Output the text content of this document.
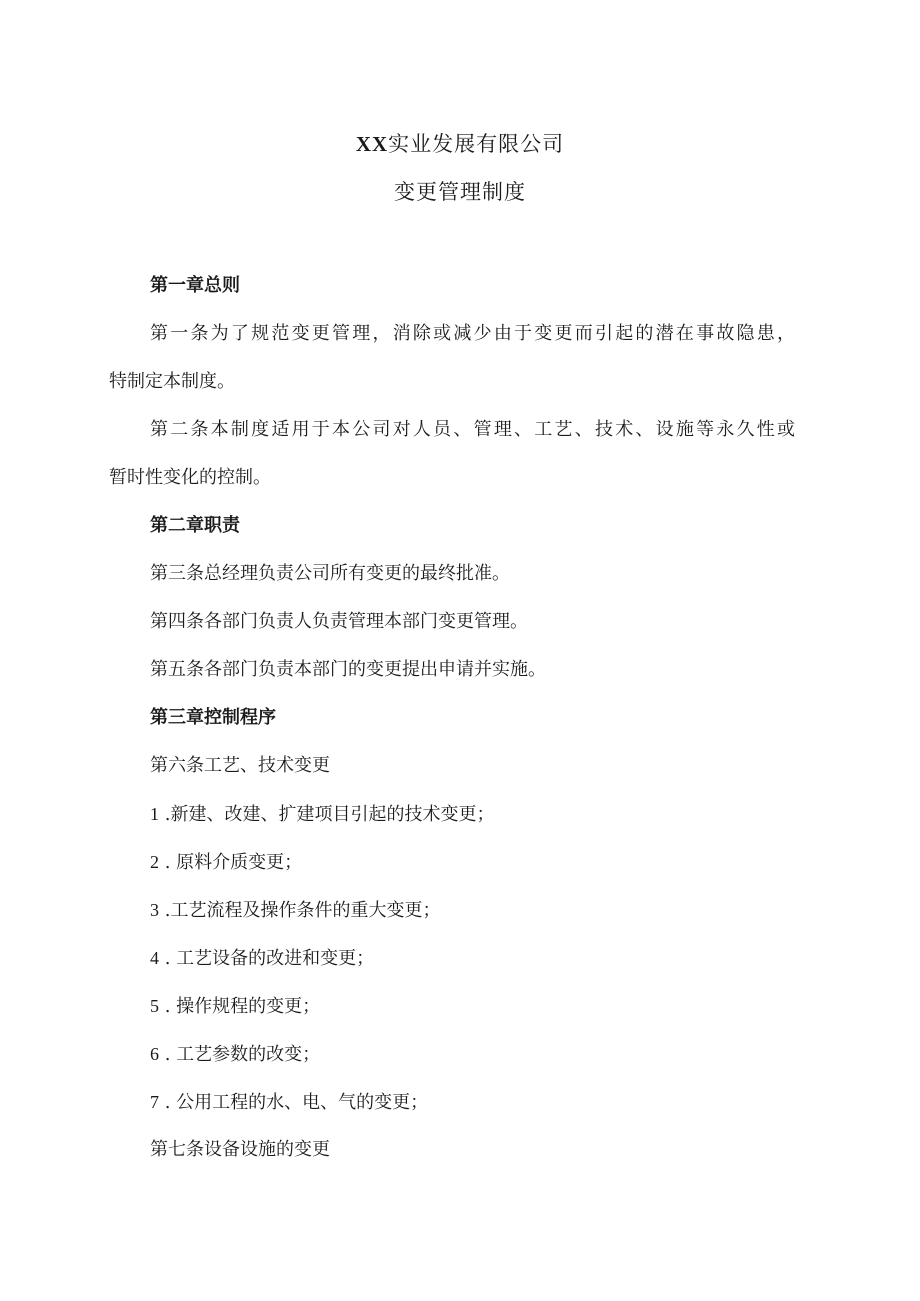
XX实业发展有限公司
变更管理制度
第一章总则
第一条为了规范变更管理，消除或减少由于变更而引起的潜在事故隐患，
特制定本制度。
第二条本制度适用于本公司对人员、管理、工艺、技术、设施等永久性或
暂时性变化的控制。
第二章职责
第三条总经理负责公司所有变更的最终批准。
第四条各部门负责人负责管理本部门变更管理。
第五条各部门负责本部门的变更提出申请并实施。
第三章控制程序
第六条工艺、技术变更
1 .新建、改建、扩建项目引起的技术变更；
2 . 原料介质变更；
3 .工艺流程及操作条件的重大变更；
4 . 工艺设备的改进和变更；
5 . 操作规程的变更；
6 . 工艺参数的改变；
7 . 公用工程的水、电、气的变更；
第七条设备设施的变更
